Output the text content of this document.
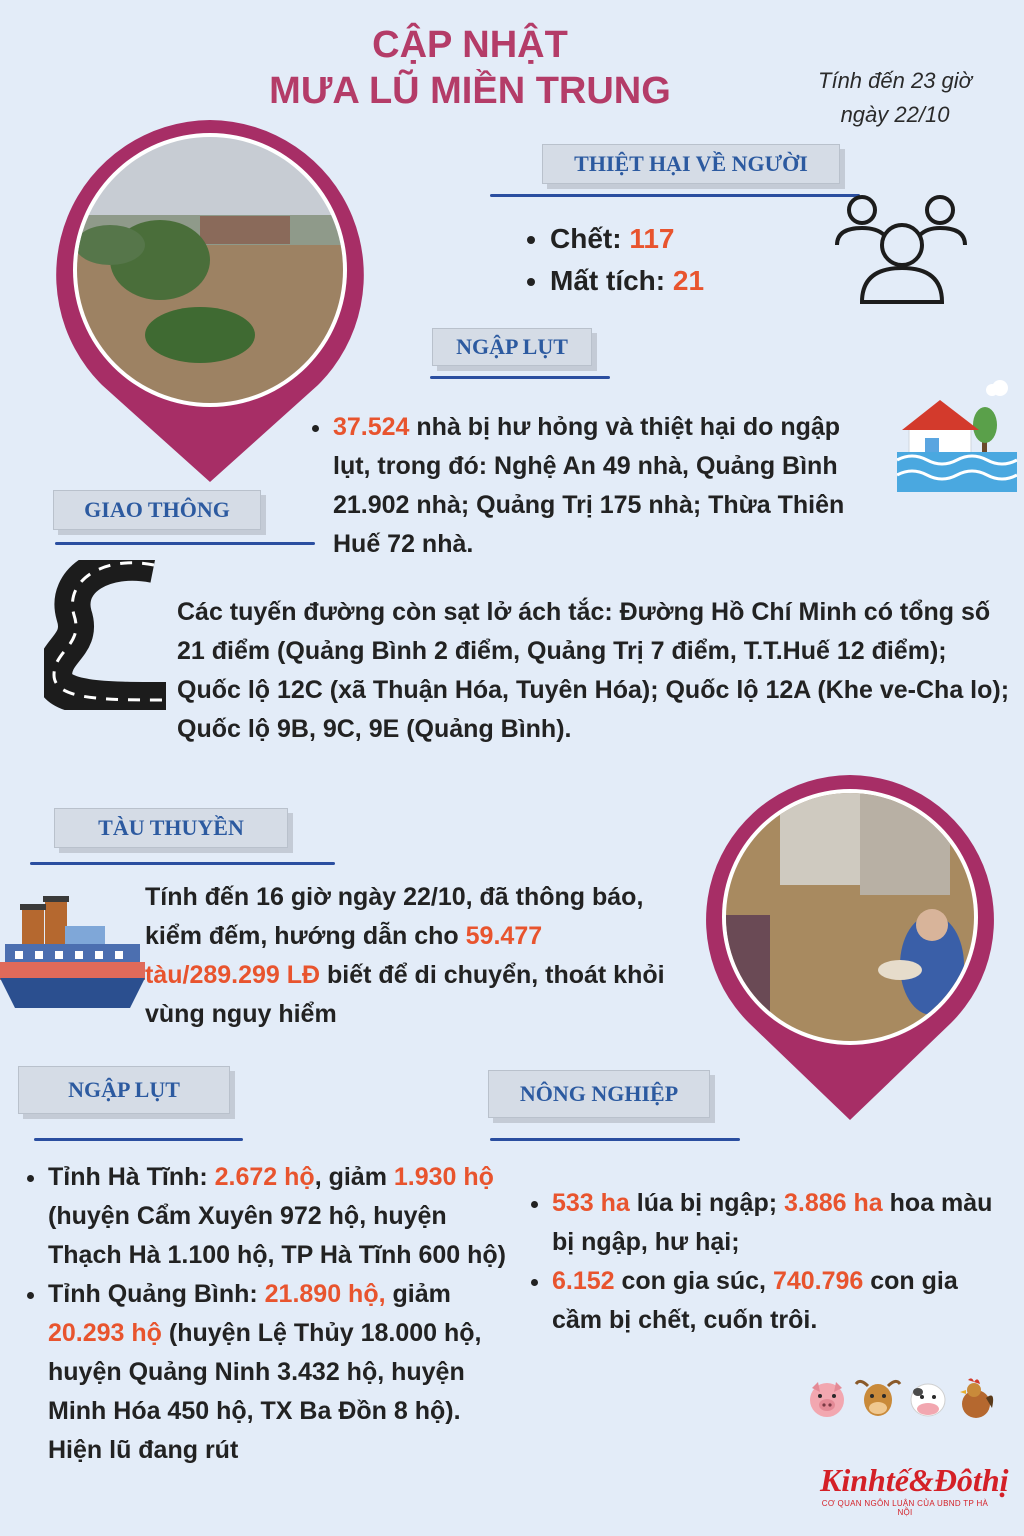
CẬP NHẬT
MƯA LŨ MIỀN TRUNG	Tính đến 23 giờ
ngày 22/10
THIỆT HẠI VỀ NGƯỜI
• Chết: 117
• Mất tích: 21
NGẬP LỤT
• 37.524 nhà bị hư hỏng và thiệt hại do ngập lụt, trong đó: Nghệ An 49 nhà, Quảng Bình 21.902 nhà; Quảng Trị 175 nhà; Thừa Thiên Huế 72 nhà.
GIAO THÔNG
Các tuyến đường còn sạt lở ách tắc: Đường Hồ Chí Minh có tổng số 21 điểm (Quảng Bình 2 điểm, Quảng Trị 7 điểm, T.T.Huế 12 điểm); Quốc lộ 12C (xã Thuận Hóa, Tuyên Hóa); Quốc lộ 12A (Khe ve-Cha lo); Quốc lộ 9B, 9C, 9E (Quảng Bình).
TÀU THUYỀN
Tính đến 16 giờ ngày 22/10, đã thông báo, kiểm đếm, hướng dẫn cho 59.477 tàu/289.299 LĐ biết để di chuyển, thoát khỏi vùng nguy hiểm
NGẬP LỤT	NÔNG NGHIỆP
• Tỉnh Hà Tĩnh: 2.672 hộ, giảm 1.930 hộ (huyện Cẩm Xuyên 972 hộ, huyện Thạch Hà 1.100 hộ, TP Hà Tĩnh 600 hộ)
• Tỉnh Quảng Bình: 21.890 hộ, giảm 20.293 hộ (huyện Lệ Thủy 18.000 hộ, huyện Quảng Ninh 3.432 hộ, huyện Minh Hóa 450 hộ, TX Ba Đồn 8 hộ). Hiện lũ đang rút
• 533 ha lúa bị ngập; 3.886 ha hoa màu bị ngập, hư hại;
• 6.152 con gia súc, 740.796 con gia cầm bị chết, cuốn trôi.
Kinhtế&Đôthị
CƠ QUAN NGÔN LUẬN CỦA UBND TP HÀ NỘI
